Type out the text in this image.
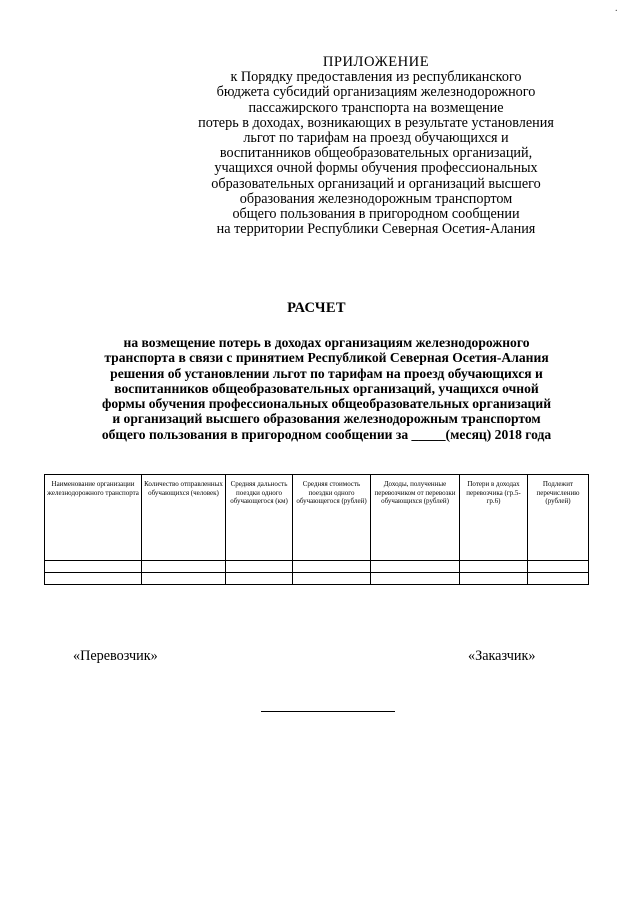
.
ПРИЛОЖЕНИЕ
к Порядку предоставления из республиканского
бюджета субсидий организациям железнодорожного
пассажирского транспорта на возмещение
потерь в доходах, возникающих в результате установления
льгот по тарифам на проезд обучающихся и
воспитанников общеобразовательных организаций,
учащихся очной формы обучения профессиональных
образовательных организаций и организаций высшего
образования железнодорожным транспортом
общего пользования в пригородном сообщении
на территории Республики Северная Осетия-Алания
РАСЧЕТ
на возмещение потерь в доходах организациям железнодорожного
транспорта в связи с принятием Республикой Северная Осетия-Алания
решения об установлении льгот по тарифам на проезд обучающихся и
воспитанников общеобразовательных организаций, учащихся очной
формы обучения профессиональных общеобразовательных организаций
и организаций высшего образования железнодорожным транспортом
общего пользования в пригородном сообщении за _____(месяц) 2018 года
Наименование организации железнодорожного транспорта	Количество отправленных обучающихся (человек)	Средняя дальность поездки одного обучающегося (км)	Средняя стоимость поездки одного обучающегося (рублей)	Доходы, полученные перевозчиком от перевозки обучающихся (рублей)	Потери в доходах перевозчика (гр.5-гр.6)	Подлежит перечислению (рублей)

«Перевозчик»	«Заказчик»
